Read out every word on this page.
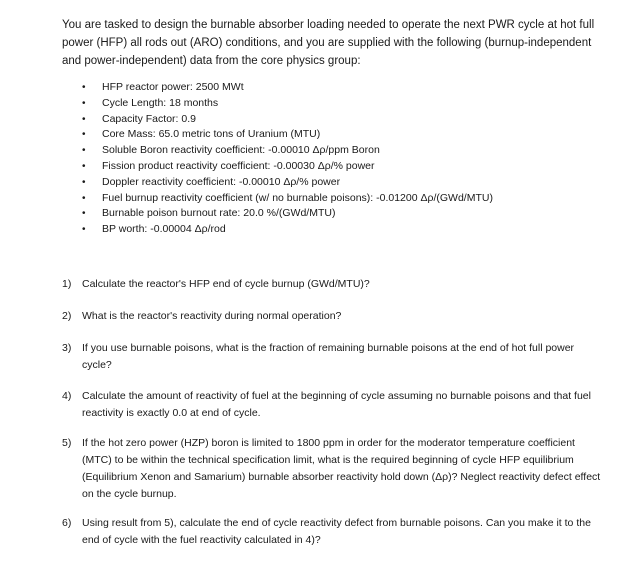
You are tasked to design the burnable absorber loading needed to operate the next PWR cycle at hot full power (HFP) all rods out (ARO) conditions, and you are supplied with the following (burnup-independent and power-independent) data from the core physics group:

• HFP reactor power: 2500 MWt
• Cycle Length: 18 months
• Capacity Factor: 0.9
• Core Mass: 65.0 metric tons of Uranium (MTU)
• Soluble Boron reactivity coefficient: -0.00010 Δρ/ppm Boron
• Fission product reactivity coefficient: -0.00030 Δρ/% power
• Doppler reactivity coefficient: -0.00010 Δρ/% power
• Fuel burnup reactivity coefficient (w/ no burnable poisons): -0.01200 Δρ/(GWd/MTU)
• Burnable poison burnout rate: 20.0 %/(GWd/MTU)
• BP worth: -0.00004 Δρ/rod
1) Calculate the reactor's HFP end of cycle burnup (GWd/MTU)?
2) What is the reactor's reactivity during normal operation?
3) If you use burnable poisons, what is the fraction of remaining burnable poisons at the end of hot full power cycle?
4) Calculate the amount of reactivity of fuel at the beginning of cycle assuming no burnable poisons and that fuel reactivity is exactly 0.0 at end of cycle.
5) If the hot zero power (HZP) boron is limited to 1800 ppm in order for the moderator temperature coefficient (MTC) to be within the technical specification limit, what is the required beginning of cycle HFP equilibrium (Equilibrium Xenon and Samarium) burnable absorber reactivity hold down (Δρ)? Neglect reactivity defect effect on the cycle burnup.
6) Using result from 5), calculate the end of cycle reactivity defect from burnable poisons. Can you make it to the end of cycle with the fuel reactivity calculated in 4)?
